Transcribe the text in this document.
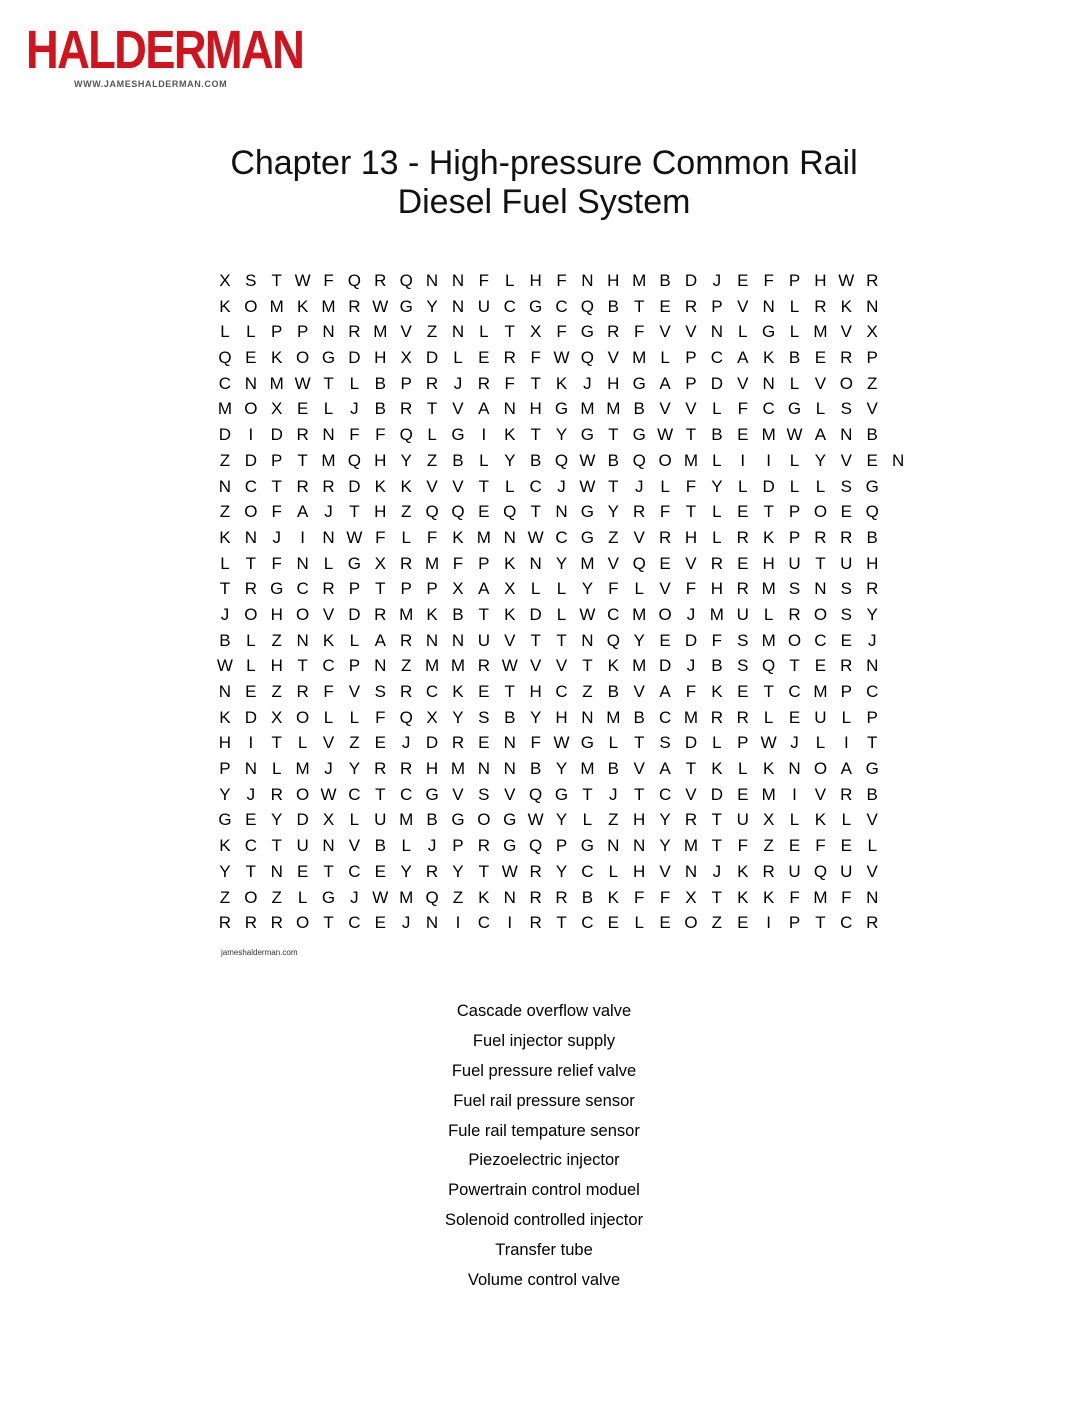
HALDERMAN
WWW.JAMESHALDERMAN.COM
Chapter 13 - High-pressure Common Rail
Diesel Fuel System
X S T W F Q R Q N N F L H F N H M B D J E F P H W R
K O M K M R W G Y N U C G C Q B T E R P V N L R K N
L L P P N R M V Z N L T X F G R F V V N L G L M V X
Q E K O G D H X D L E R F W Q V M L P C A K B E R P
C N M W T L B P R J R F T K J H G A P D V N L V O Z
M O X E L J B R T V A N H G M M B V V L F C G L S V
D I D R N F F Q L G I K T Y G T G W T B E M W A N B
Z D P T M Q H Y Z B L Y B Q W B Q O M L I I L Y V E N
N C T R R D K K V V T L C J W T J L F Y L D L L S G
Z O F A J T H Z Q Q E Q T N G Y R F T L E T P O E Q
K N J I N W F L F K M N W C G Z V R H L R K P R R B
L T F N L G X R M F P K N Y M V Q E V R E H U T U H
T R G C R P T P P X A X L L Y F L V F H R M S N S R
J O H O V D R M K B T K D L W C M O J M U L R O S Y
B L Z N K L A R N N U V T T N Q Y E D F S M O C E J
W L H T C P N Z M M R W V V T K M D J B S Q T E R N
N E Z R F V S R C K E T H C Z B V A F K E T C M P C
K D X O L L F Q X Y S B Y H N M B C M R R L E U L P
H I T L V Z E J D R E N F W G L T S D L P W J L I T
P N L M J Y R R H M N N B Y M B V A T K L K N O A G
Y J R O W C T C G V S V Q G T J T C V D E M I V R B
G E Y D X L U M B G O G W Y L Z H Y R T U X L K L V
K C T U N V B L J P R G Q P G N N Y M T F Z E F E L
Y T N E T C E Y R Y T W R Y C L H V N J K R U Q U V
Z O Z L G J W M Q Z K N R R B K F F X T K K F M F N
R R R O T C E J N I C I R T C E L E O Z E I P T C R
jameshalderman.com
Cascade overflow valve
Fuel injector supply
Fuel pressure relief valve
Fuel rail pressure sensor
Fule rail tempature sensor
Piezoelectric injector
Powertrain control moduel
Solenoid controlled injector
Transfer tube
Volume control valve
